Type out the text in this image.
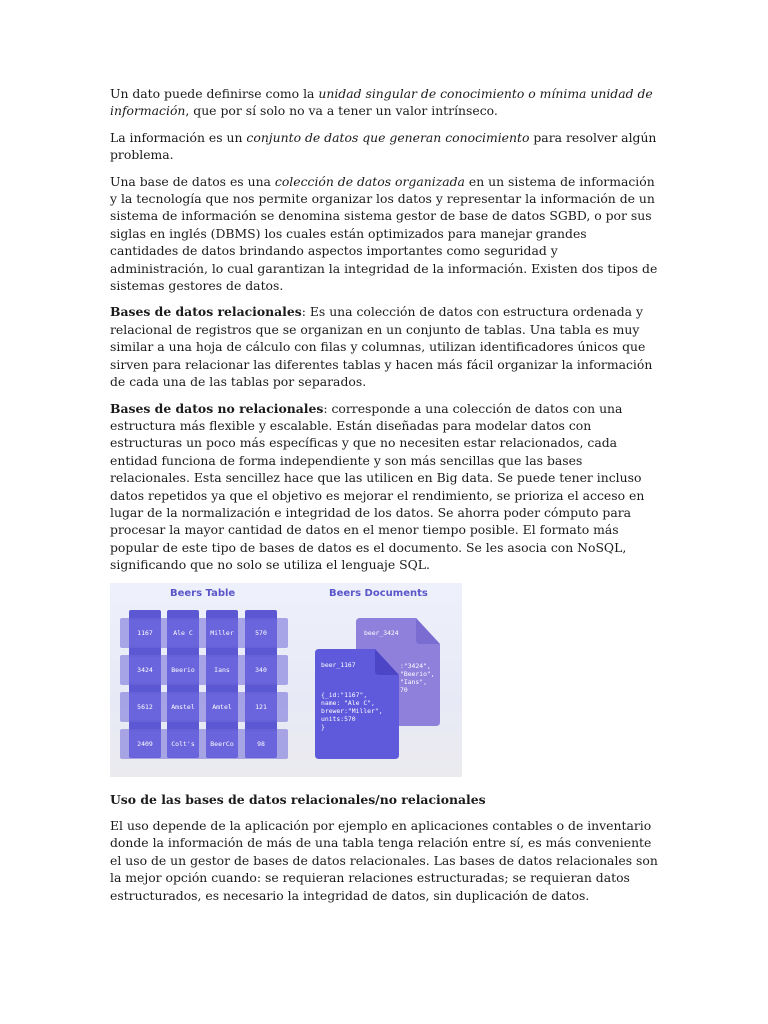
Un dato puede definirse como la unidad singular de conocimiento o mínima unidad de información, que por sí solo no va a tener un valor intrínseco.

La información es un conjunto de datos que generan conocimiento para resolver algún problema.

Una base de datos es una colección de datos organizada en un sistema de información y la tecnología que nos permite organizar los datos y representar la información de un sistema de información se denomina sistema gestor de base de datos SGBD, o por sus siglas en inglés (DBMS) los cuales están optimizados para manejar grandes cantidades de datos brindando aspectos importantes como seguridad y administración, lo cual garantizan la integridad de la información. Existen dos tipos de sistemas gestores de datos.

Bases de datos relacionales: Es una colección de datos con estructura ordenada y relacional de registros que se organizan en un conjunto de tablas. Una tabla es muy similar a una hoja de cálculo con filas y columnas, utilizan identificadores únicos que sirven para relacionar las diferentes tablas y hacen más fácil organizar la información de cada una de las tablas por separados.

Bases de datos no relacionales: corresponde a una colección de datos con una estructura más flexible y escalable. Están diseñadas para modelar datos con estructuras un poco más específicas y que no necesiten estar relacionados, cada entidad funciona de forma independiente y son más sencillas que las bases relacionales. Esta sencillez hace que las utilicen en Big data. Se puede tener incluso datos repetidos ya que el objetivo es mejorar el rendimiento, se prioriza el acceso en lugar de la normalización e integridad de los datos. Se ahorra poder cómputo para procesar la mayor cantidad de datos en el menor tiempo posible. El formato más popular de este tipo de bases de datos es el documento. Se les asocia con NoSQL, significando que no solo se utiliza el lenguaje SQL.

Beers Table	Beers Documents
1167	Ale C	Miller	570
3424	Beerio	Ians	340
5612	Amstel	Amtel	121
2409	Colt's	BeerCo	98
beer_3424
:"3424",
"Beerio",
"Ians",
70
beer_1167
{_id:"1167",
name: "Ale C",
brewer:"Miller",
units:570
}

Uso de las bases de datos relacionales/no relacionales

El uso depende de la aplicación por ejemplo en aplicaciones contables o de inventario donde la información de más de una tabla tenga relación entre sí, es más conveniente el uso de un gestor de bases de datos relacionales. Las bases de datos relacionales son la mejor opción cuando: se requieran relaciones estructuradas; se requieran datos estructurados, es necesario la integridad de datos, sin duplicación de datos.
